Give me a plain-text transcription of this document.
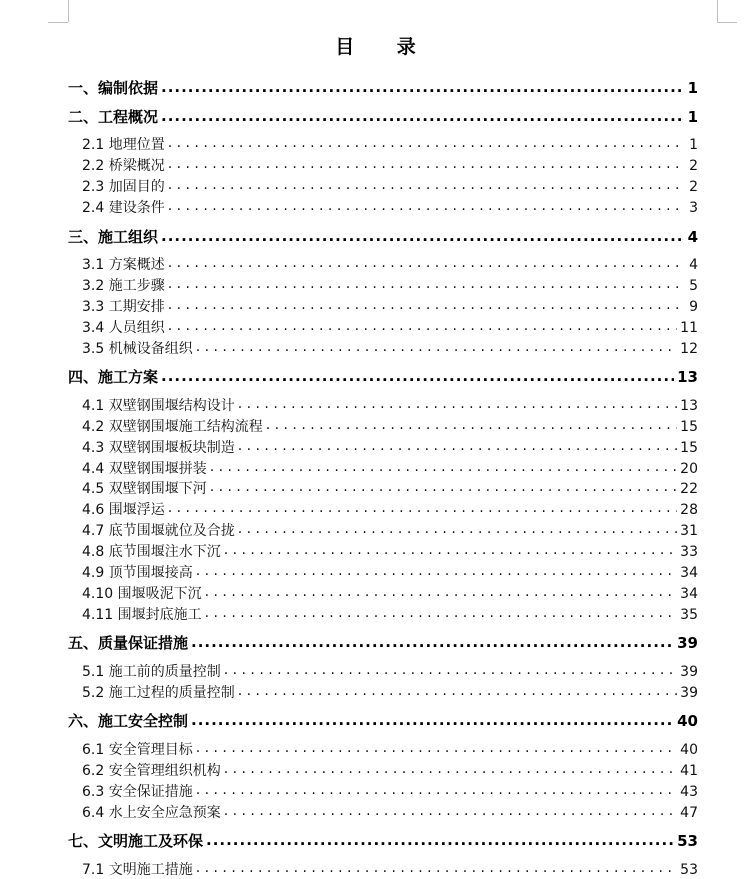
目 录
一、编制依据 .....	1
二、工程概况 .....	1
2.1 地理位置 . . .	1
2.2 桥梁概况 . . .	2
2.3 加固目的 . . .	2
2.4 建设条件 . . .	3
三、施工组织 .....	4
3.1 方案概述 . . .	4
3.2 施工步骤 . . .	5
3.3 工期安排 . . .	9
3.4 人员组织 . . .	11
3.5 机械设备组织 . . .	12
四、施工方案 .....	13
4.1 双壁钢围堰结构设计 . . .	13
4.2 双壁钢围堰施工结构流程 . . .	15
4.3 双壁钢围堰板块制造 . . .	15
4.4 双壁钢围堰拼装 . . .	20
4.5 双壁钢围堰下河 . . .	22
4.6 围堰浮运 . . .	28
4.7 底节围堰就位及合拢 . . .	31
4.8 底节围堰注水下沉 . . .	33
4.9 顶节围堰接高 . . .	34
4.10 围堰吸泥下沉 . . .	34
4.11 围堰封底施工 . . .	35
五、质量保证措施 .....	39
5.1 施工前的质量控制 . . .	39
5.2 施工过程的质量控制 . . .	39
六、施工安全控制 .....	40
6.1 安全管理目标 . . .	40
6.2 安全管理组织机构 . . .	41
6.3 安全保证措施 . . .	43
6.4 水上安全应急预案 . . .	47
七、文明施工及环保 .....	53
7.1 文明施工措施 . . .	53
